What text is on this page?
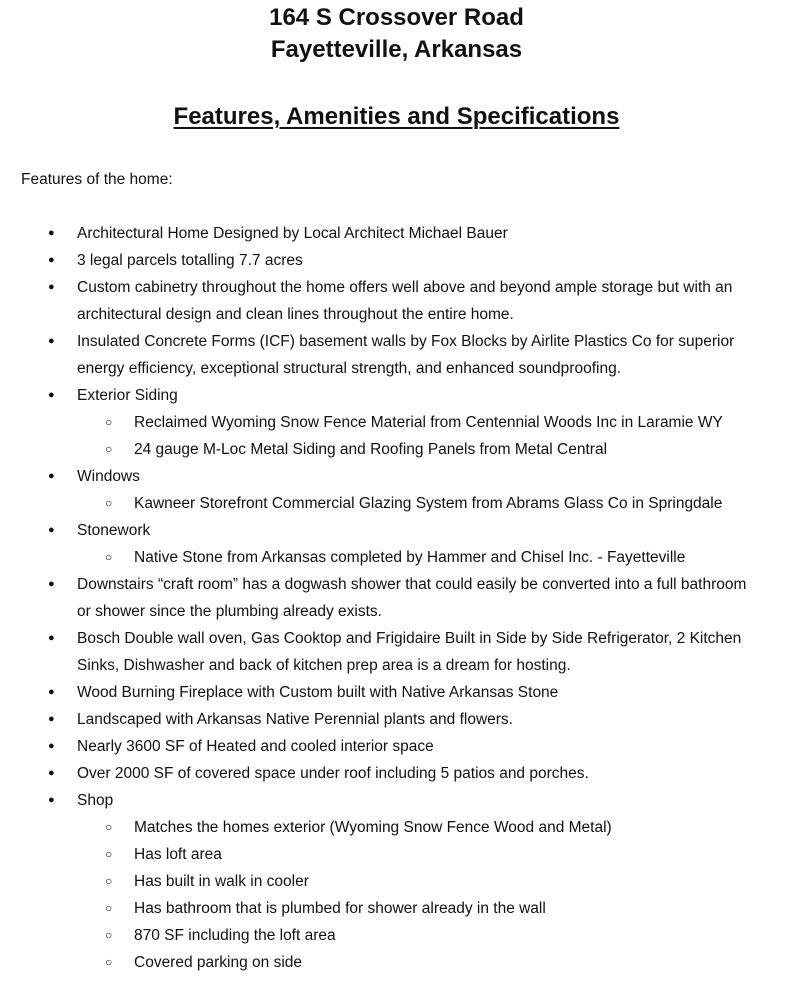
164 S Crossover Road
Fayetteville, Arkansas
Features, Amenities and Specifications

Features of the home:

● Architectural Home Designed by Local Architect Michael Bauer
● 3 legal parcels totalling 7.7 acres
● Custom cabinetry throughout the home offers well above and beyond ample storage but with an architectural design and clean lines throughout the entire home.
● Insulated Concrete Forms (ICF) basement walls by Fox Blocks by Airlite Plastics Co for superior energy efficiency, exceptional structural strength, and enhanced soundproofing.
● Exterior Siding
○ Reclaimed Wyoming Snow Fence Material from Centennial Woods Inc in Laramie WY
○ 24 gauge M-Loc Metal Siding and Roofing Panels from Metal Central
● Windows
○ Kawneer Storefront Commercial Glazing System from Abrams Glass Co in Springdale
● Stonework
○ Native Stone from Arkansas completed by Hammer and Chisel Inc. - Fayetteville
● Downstairs “craft room” has a dogwash shower that could easily be converted into a full bathroom or shower since the plumbing already exists.
● Bosch Double wall oven, Gas Cooktop and Frigidaire Built in Side by Side Refrigerator, 2 Kitchen Sinks, Dishwasher and back of kitchen prep area is a dream for hosting.
● Wood Burning Fireplace with Custom built with Native Arkansas Stone
● Landscaped with Arkansas Native Perennial plants and flowers.
● Nearly 3600 SF of Heated and cooled interior space
● Over 2000 SF of covered space under roof including 5 patios and porches.
● Shop
○ Matches the homes exterior (Wyoming Snow Fence Wood and Metal)
○ Has loft area
○ Has built in walk in cooler
○ Has bathroom that is plumbed for shower already in the wall
○ 870 SF including the loft area
○ Covered parking on side
